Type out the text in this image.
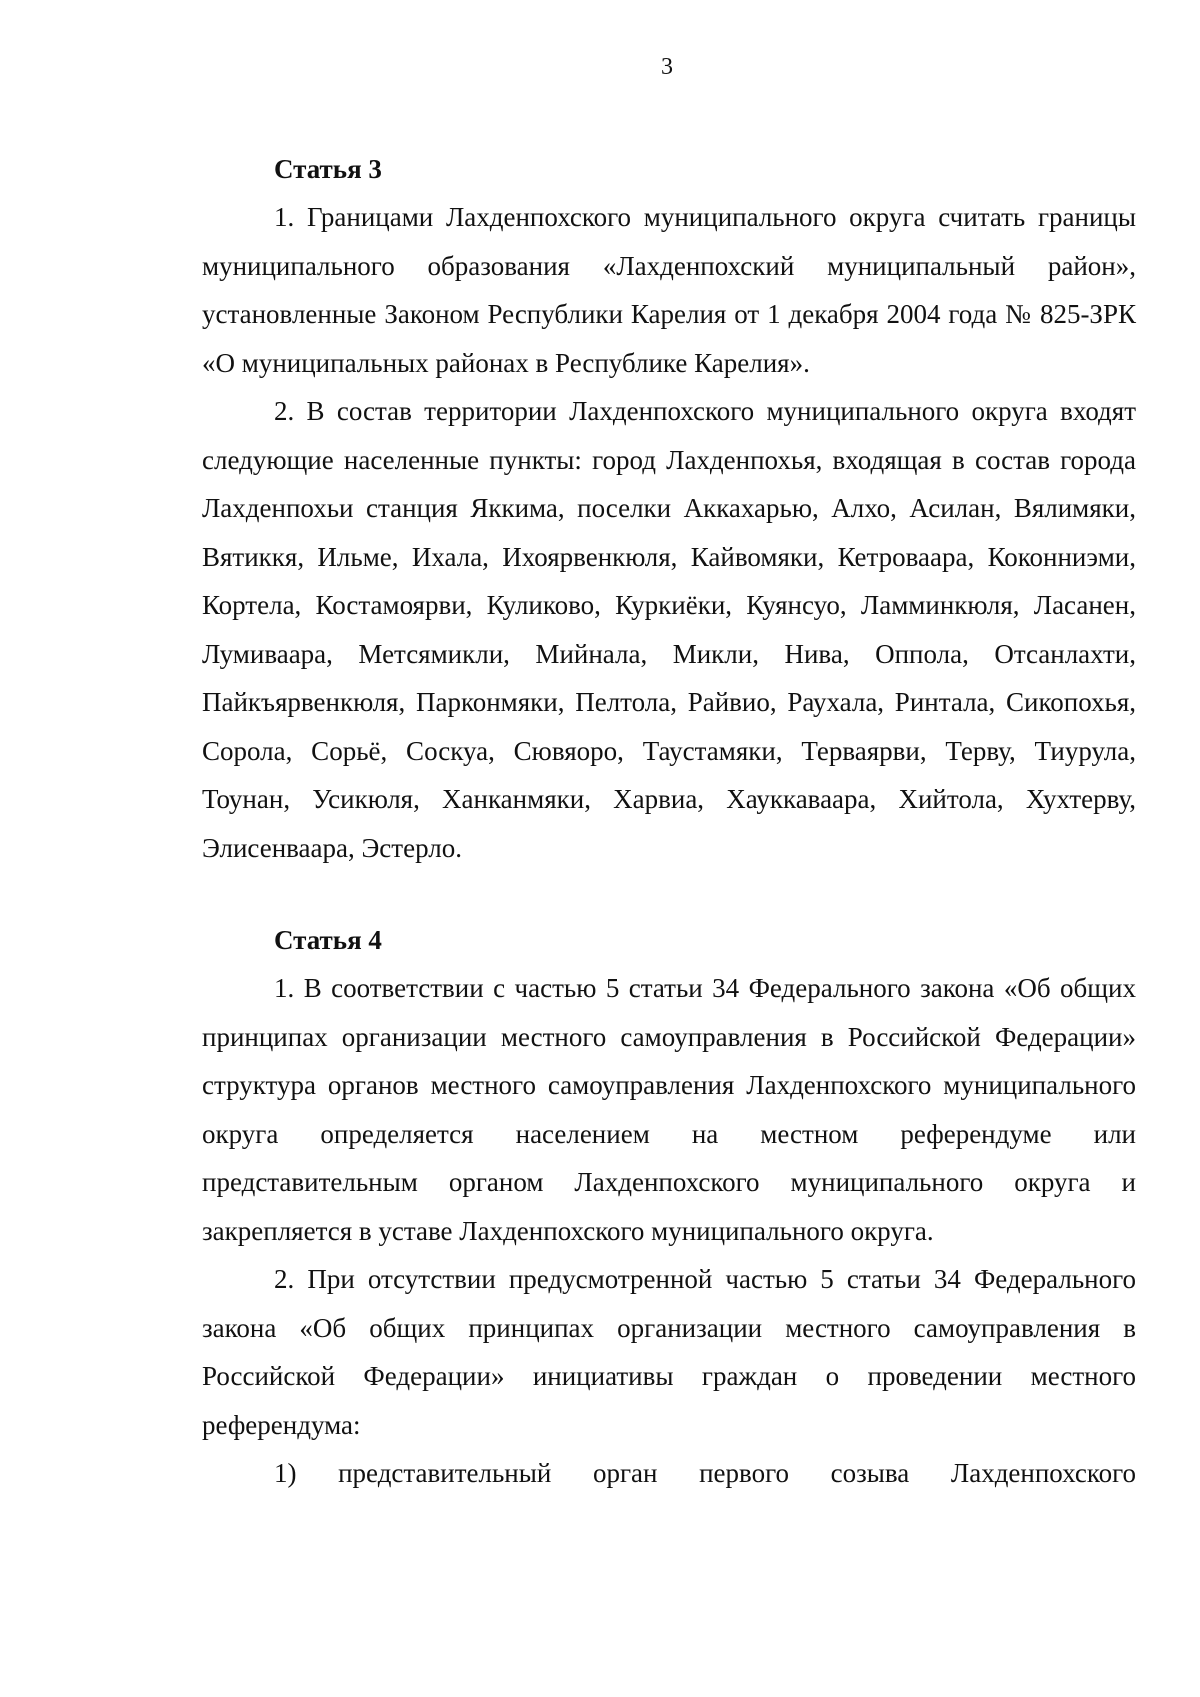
3

Статья 3

1. Границами Лахденпохского муниципального округа считать границы муниципального образования «Лахденпохский муниципальный район», установленные Законом Республики Карелия от 1 декабря 2004 года № 825-ЗРК «О муниципальных районах в Республике Карелия».

2. В состав территории Лахденпохского муниципального округа входят следующие населенные пункты: город Лахденпохья, входящая в состав города Лахденпохьи станция Яккима, поселки Аккахарью, Алхо, Асилан, Вялимяки, Вятиккя, Ильме, Ихала, Ихоярвенкюля, Кайвомяки, Кетроваара, Коконниэми, Кортела, Костамоярви, Куликово, Куркиёки, Куянсуо, Ламминкюля, Ласанен, Лумиваара, Метсямикли, Мийнала, Микли, Нива, Оппола, Отсанлахти, Пайкъярвенкюля, Парконмяки, Пелтола, Райвио, Раухала, Ринтала, Сикопохья, Сорола, Сорьё, Соскуа, Сювяоро, Таустамяки, Терваярви, Терву, Тиурула, Тоунан, Усикюля, Ханканмяки, Харвиа, Хауккаваара, Хийтола, Хухтерву, Элисенваара, Эстерло.

Статья 4

1. В соответствии с частью 5 статьи 34 Федерального закона «Об общих принципах организации местного самоуправления в Российской Федерации» структура органов местного самоуправления Лахденпохского муниципального округа определяется населением на местном референдуме или представительным органом Лахденпохского муниципального округа и закрепляется в уставе Лахденпохского муниципального округа.

2. При отсутствии предусмотренной частью 5 статьи 34 Федерального закона «Об общих принципах организации местного самоуправления в Российской Федерации» инициативы граждан о проведении местного референдума:

1) представительный орган первого созыва Лахденпохского
